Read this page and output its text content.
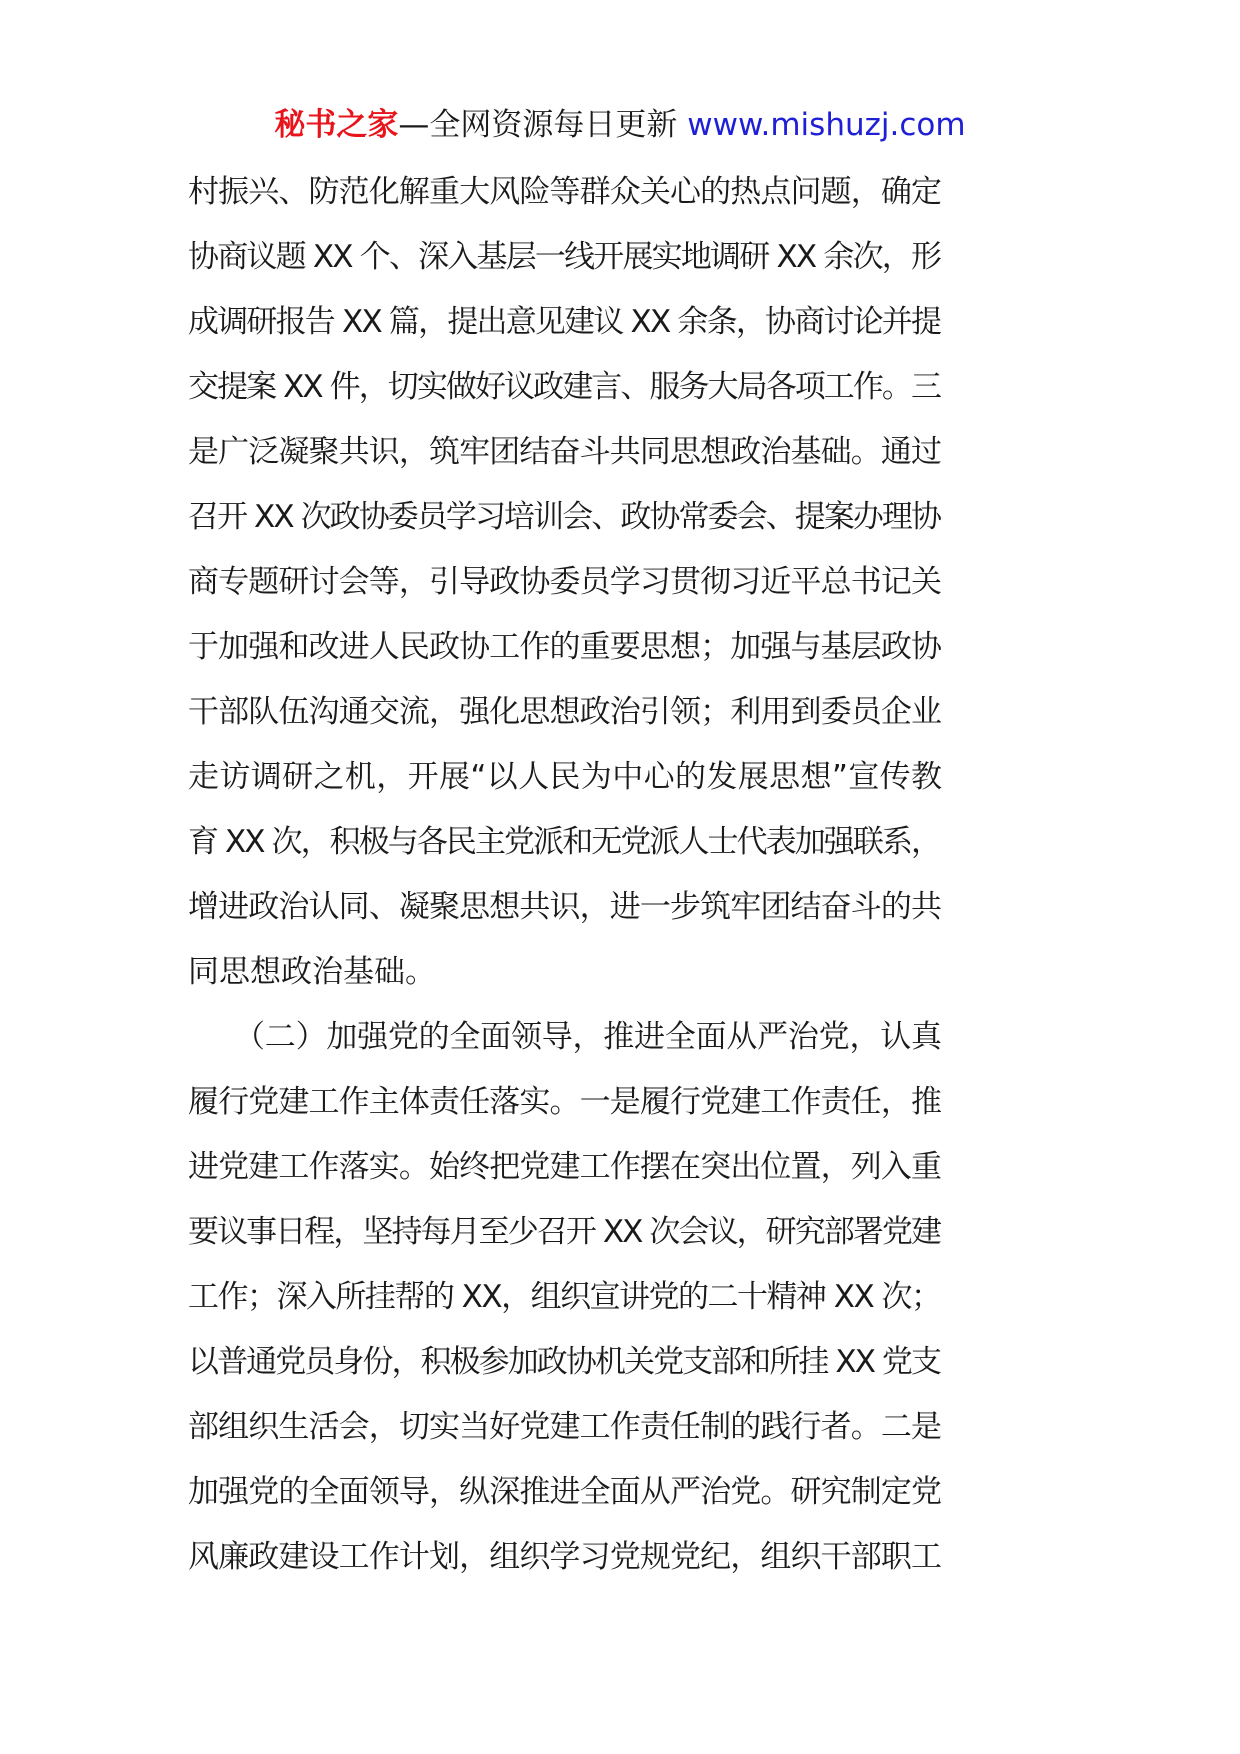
秘书之家—全网资源每日更新 www.mishuzj.com
村振兴、防范化解重大风险等群众关心的热点问题，确定
协商议题 XX 个、深入基层一线开展实地调研 XX 余次，形
成调研报告 XX 篇，提出意见建议 XX 余条，协商讨论并提
交提案 XX 件，切实做好议政建言、服务大局各项工作。三
是广泛凝聚共识，筑牢团结奋斗共同思想政治基础。通过
召开 XX 次政协委员学习培训会、政协常委会、提案办理协
商专题研讨会等，引导政协委员学习贯彻习近平总书记关
于加强和改进人民政协工作的重要思想；加强与基层政协
干部队伍沟通交流，强化思想政治引领；利用到委员企业
走访调研之机，开展“以人民为中心的发展思想”宣传教
育 XX 次，积极与各民主党派和无党派人士代表加强联系，
增进政治认同、凝聚思想共识，进一步筑牢团结奋斗的共
同思想政治基础。
　　（二）加强党的全面领导，推进全面从严治党，认真
履行党建工作主体责任落实。一是履行党建工作责任，推
进党建工作落实。始终把党建工作摆在突出位置，列入重
要议事日程，坚持每月至少召开 XX 次会议，研究部署党建
工作；深入所挂帮的 XX，组织宣讲党的二十精神 XX 次；
以普通党员身份，积极参加政协机关党支部和所挂 XX 党支
部组织生活会，切实当好党建工作责任制的践行者。二是
加强党的全面领导，纵深推进全面从严治党。研究制定党
风廉政建设工作计划，组织学习党规党纪，组织干部职工
